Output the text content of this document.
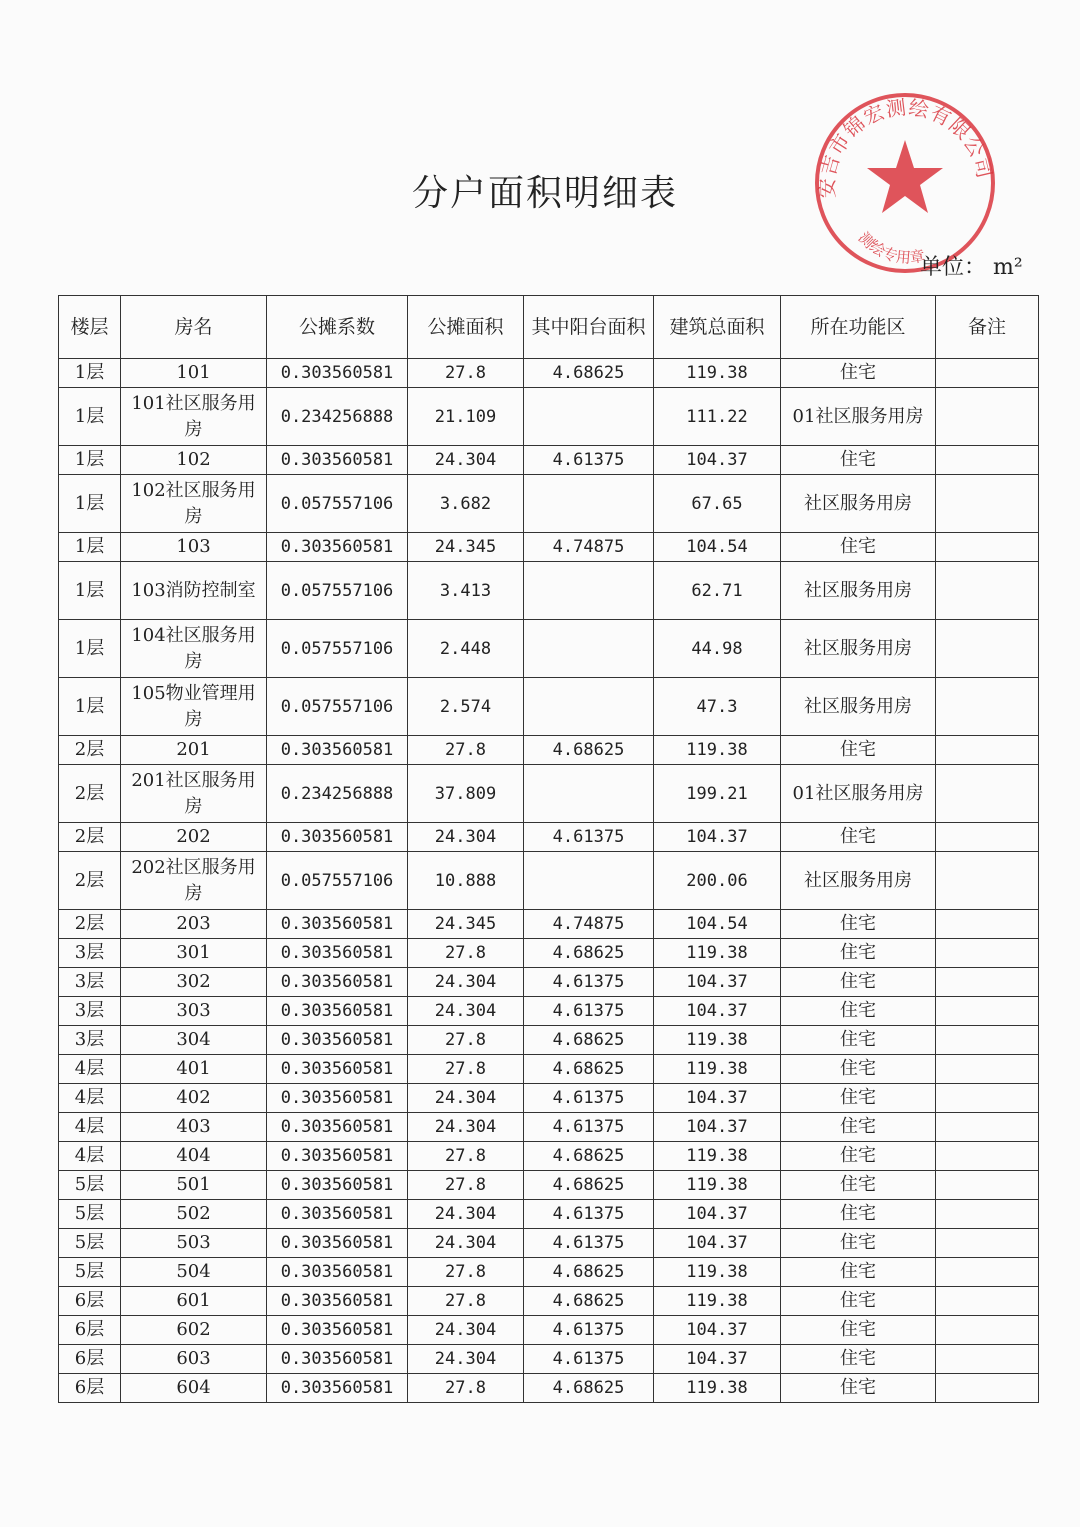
分户面积明细表	安吉市锦宏测绘有限公司
测绘专用章
单位： m²
楼层	房名	公摊系数	公摊面积	其中阳台面积	建筑总面积	所在功能区	备注
1层	101	0.303560581	27.8	4.68625	119.38	住宅	
1层	101社区服务用房	0.234256888	21.109		111.22	01社区服务用房	
1层	102	0.303560581	24.304	4.61375	104.37	住宅	
1层	102社区服务用房	0.057557106	3.682		67.65	社区服务用房	
1层	103	0.303560581	24.345	4.74875	104.54	住宅	
1层	103消防控制室	0.057557106	3.413		62.71	社区服务用房	
1层	104社区服务用房	0.057557106	2.448		44.98	社区服务用房	
1层	105物业管理用房	0.057557106	2.574		47.3	社区服务用房	
2层	201	0.303560581	27.8	4.68625	119.38	住宅	
2层	201社区服务用房	0.234256888	37.809		199.21	01社区服务用房	
2层	202	0.303560581	24.304	4.61375	104.37	住宅	
2层	202社区服务用房	0.057557106	10.888		200.06	社区服务用房	
2层	203	0.303560581	24.345	4.74875	104.54	住宅	
3层	301	0.303560581	27.8	4.68625	119.38	住宅	
3层	302	0.303560581	24.304	4.61375	104.37	住宅	
3层	303	0.303560581	24.304	4.61375	104.37	住宅	
3层	304	0.303560581	27.8	4.68625	119.38	住宅	
4层	401	0.303560581	27.8	4.68625	119.38	住宅	
4层	402	0.303560581	24.304	4.61375	104.37	住宅	
4层	403	0.303560581	24.304	4.61375	104.37	住宅	
4层	404	0.303560581	27.8	4.68625	119.38	住宅	
5层	501	0.303560581	27.8	4.68625	119.38	住宅	
5层	502	0.303560581	24.304	4.61375	104.37	住宅	
5层	503	0.303560581	24.304	4.61375	104.37	住宅	
5层	504	0.303560581	27.8	4.68625	119.38	住宅	
6层	601	0.303560581	27.8	4.68625	119.38	住宅	
6层	602	0.303560581	24.304	4.61375	104.37	住宅	
6层	603	0.303560581	24.304	4.61375	104.37	住宅	
6层	604	0.303560581	27.8	4.68625	119.38	住宅	
